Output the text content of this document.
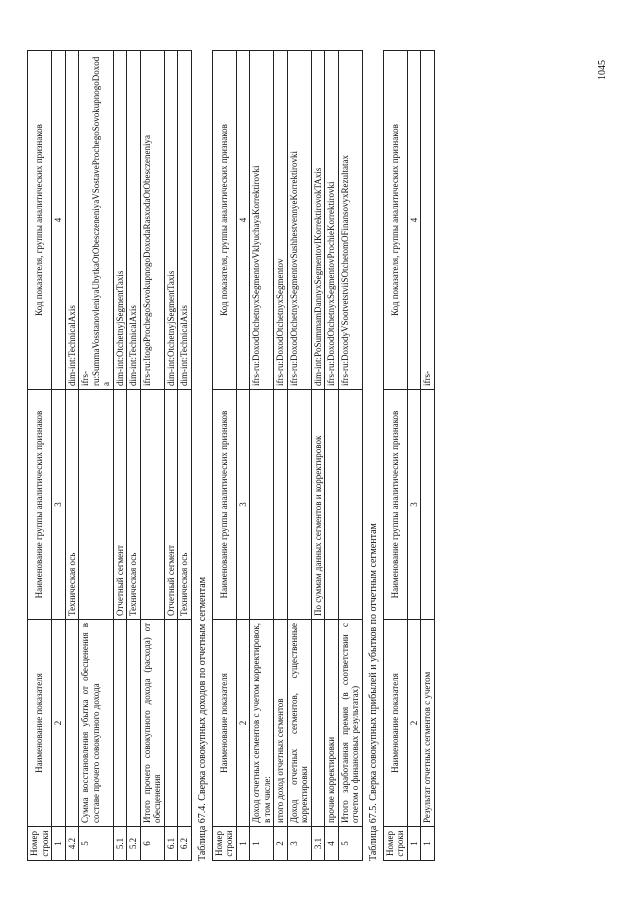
1045
Номер строки	Наименование показателя	Наименование группы аналитических признаков	Код показателя, группы аналитических признаков
1	2	3	4
4.2		Техническая ось	dim-int:TechnicalAxis
5	Сумма восстановления убытка от обесценения в составе прочего совокупного дохода		ifrs-ru:SummaVosstanovleniyaUbytkaOtObesczeneniyaVSostaveProchegoSovokupnogoDoxoda
5.1		Отчетный сегмент	dim-int:OtchetnyjSegmentTaxis
5.2		Техническая ось	dim-int:TechnicalAxis
6	Итого прочего совокупного дохода (расхода) от обесценения		ifrs-ru:ItogoProchegoSovokupnogoDoxodaRasxodaOtObesczeneniya
6.1		Отчетный сегмент	dim-int:OtchetnyjSegmentTaxis
6.2		Техническая ось	dim-int:TechnicalAxis
Таблица 67.4. Сверка совокупных доходов по отчетным сегментам Номер строки	Наименование показателя	Наименование группы аналитических признаков	Код показателя, группы аналитических признаков
1	2	3	4
1	Доход отчетных сегментов с учетом корректировок, в том числе:		ifrs-ru:DoxodOtchetnyxSegmentovVklyuchayaKorrektirovki
2	итого доход отчетных сегментов		ifrs-ru:DoxodOtchetnyxSegmentov
3	Доход отчетных сегментов, существенные корректировки		ifrs-ru:DoxodOtchetnyxSegmentovSushhestvennyeKorrektirovki
3.1		По суммам данных сегментов и корректировок	dim-int:PoSummamDannyxSegmentovIKorrektirovokTAxis
4	прочие корректировки		ifrs-ru:DoxodOtchetnyxSegmentovProchieKorrektirovki
5	Итого заработанная премия (в соответствии с отчетом о финансовых результатах)		ifrs-ru:DoxodyVSootvetstviiSOtchetomOFinansovyxRezultatax
Таблица 67.5. Сверка совокупных прибылей и убытков по отчетным сегментам Номер строки	Наименование показателя	Наименование группы аналитических признаков	Код показателя, группы аналитических признаков
1	2	3	4
1	Результат отчетных сегментов с учетом		ifrs-
